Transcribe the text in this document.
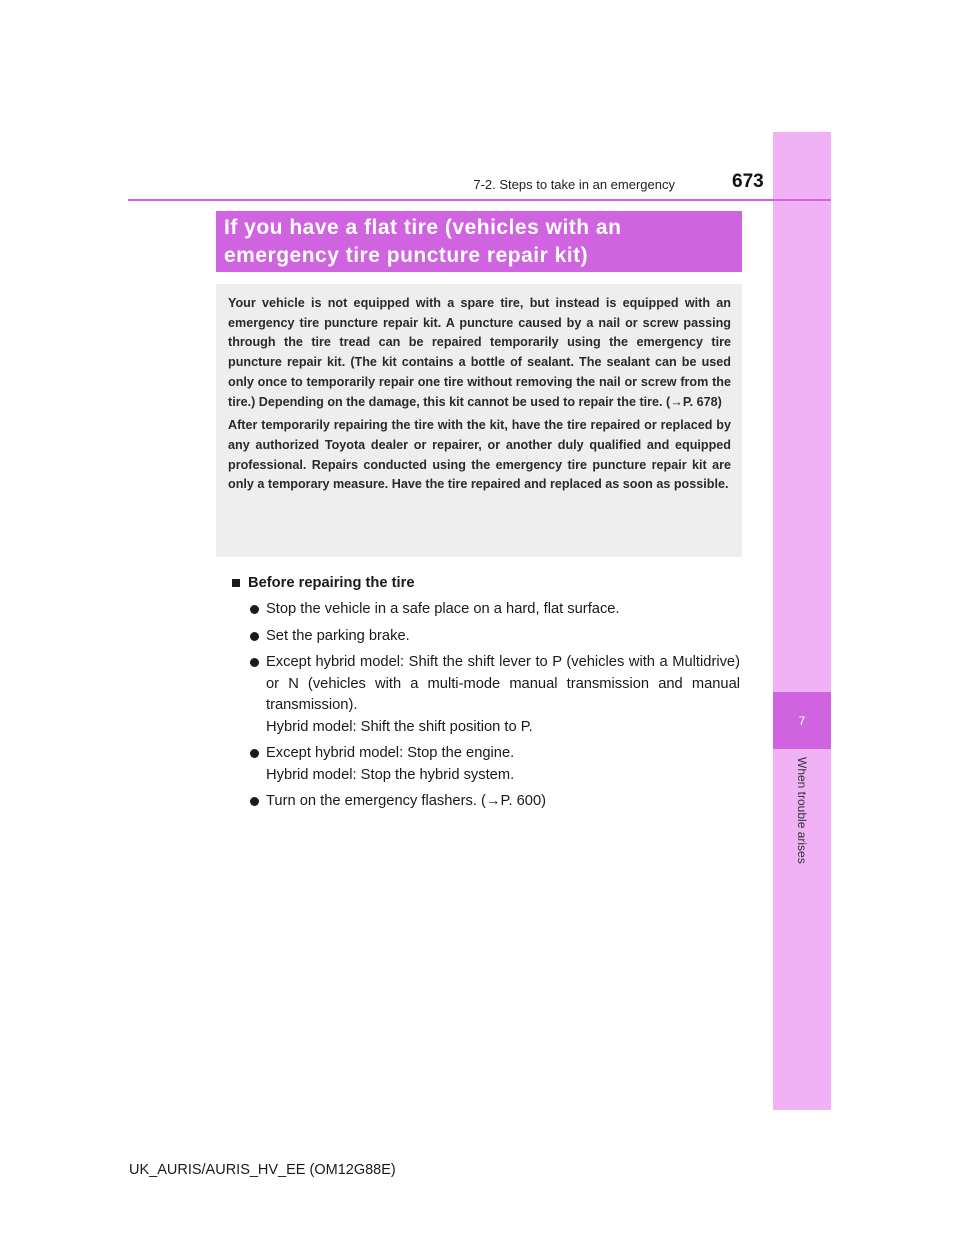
7
When trouble arises
7-2. Steps to take in an emergency	673
If you have a flat tire (vehicles with an
emergency tire puncture repair kit)

Your vehicle is not equipped with a spare tire, but instead is equipped with an emergency tire puncture repair kit. A puncture caused by a nail or screw passing through the tire tread can be repaired temporarily using the emergency tire puncture repair kit. (The kit contains a bottle of sealant. The sealant can be used only once to temporarily repair one tire without removing the nail or screw from the tire.) Depending on the damage, this kit cannot be used to repair the tire. (→P. 678)

After temporarily repairing the tire with the kit, have the tire repaired or replaced by any authorized Toyota dealer or repairer, or another duly qualified and equipped professional. Repairs conducted using the emergency tire puncture repair kit are only a temporary measure. Have the tire repaired and replaced as soon as possible.

Before repairing the tire
Stop the vehicle in a safe place on a hard, flat surface.
Set the parking brake.
Except hybrid model: Shift the shift lever to P (vehicles with a Multidrive) or N (vehicles with a multi-mode manual transmission and manual transmission).
Hybrid model: Shift the shift position to P.
Except hybrid model: Stop the engine.
Hybrid model: Stop the hybrid system.
Turn on the emergency flashers. (→P. 600)
UK_AURIS/AURIS_HV_EE (OM12G88E)
